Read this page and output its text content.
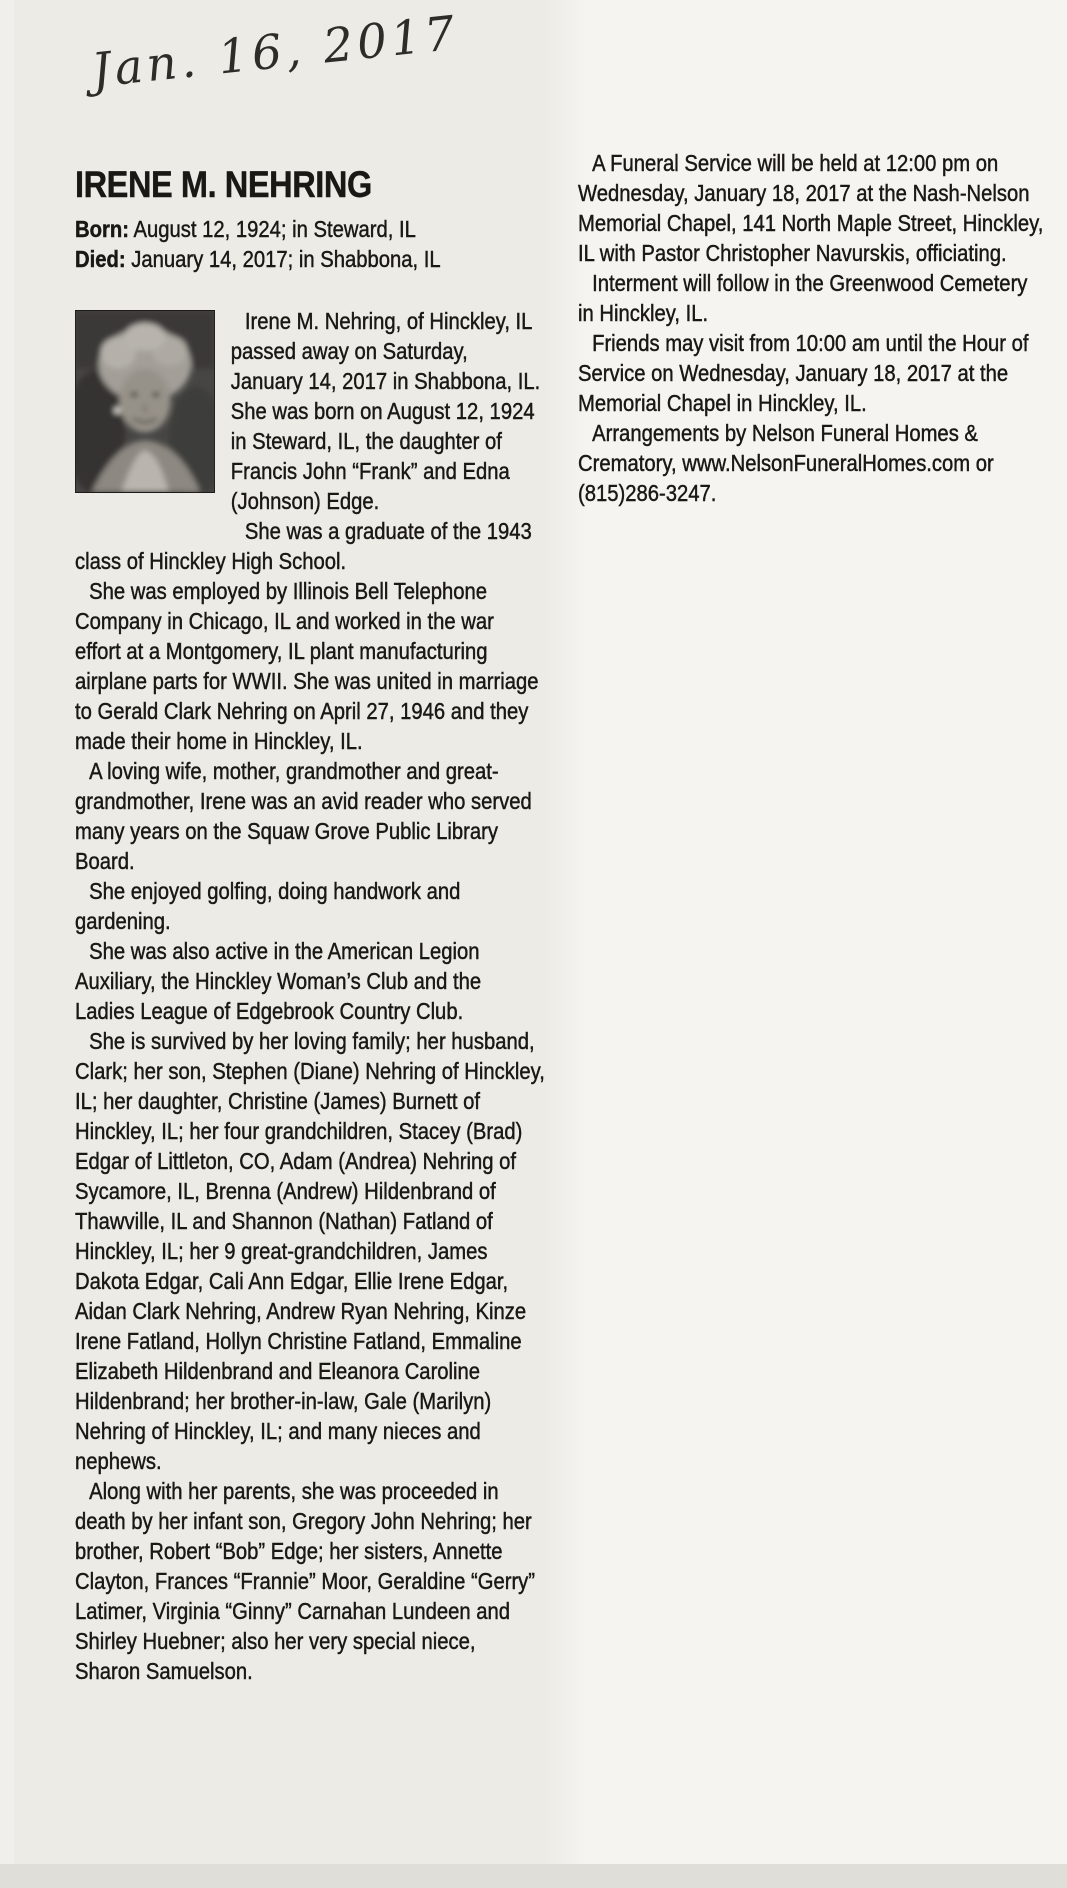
Jan. 16, 2017
IRENE M. NEHRING
Born: August 12, 1924; in Steward, IL
Died: January 14, 2017; in Shabbona, IL

Irene M. Nehring, of Hinckley, IL passed away on Saturday, January 14, 2017 in Shabbona, IL. She was born on August 12, 1924 in Steward, IL, the daughter of Francis John “Frank” and Edna (Johnson) Edge.

She was a graduate of the 1943 class of Hinckley High School.

She was employed by Illinois Bell Telephone Company in Chicago, IL and worked in the war effort at a Montgomery, IL plant manufacturing airplane parts for WWII. She was united in marriage to Gerald Clark Nehring on April 27, 1946 and they made their home in Hinckley, IL.

A loving wife, mother, grandmother and great-grandmother, Irene was an avid reader who served many years on the Squaw Grove Public Library Board.

She enjoyed golfing, doing handwork and gardening.

She was also active in the American Legion Auxiliary, the Hinckley Woman’s Club and the Ladies League of Edgebrook Country Club.

She is survived by her loving family; her husband, Clark; her son, Stephen (Diane) Nehring of Hinckley, IL; her daughter, Christine (James) Burnett of Hinckley, IL; her four grandchildren, Stacey (Brad) Edgar of Littleton, CO, Adam (Andrea) Nehring of Sycamore, IL, Brenna (Andrew) Hildenbrand of Thawville, IL and Shannon (Nathan) Fatland of Hinckley, IL; her 9 great-grandchildren, James Dakota Edgar, Cali Ann Edgar, Ellie Irene Edgar, Aidan Clark Nehring, Andrew Ryan Nehring, Kinze Irene Fatland, Hollyn Christine Fatland, Emmaline Elizabeth Hildenbrand and Eleanora Caroline Hildenbrand; her brother-in-law, Gale (Marilyn) Nehring of Hinckley, IL; and many nieces and nephews.

Along with her parents, she was proceeded in death by her infant son, Gregory John Nehring; her brother, Robert “Bob” Edge; her sisters, Annette Clayton, Frances “Frannie” Moor, Geraldine “Gerry” Latimer, Virginia “Ginny” Carnahan Lundeen and Shirley Huebner; also her very special niece, Sharon Samuelson.

A Funeral Service will be held at 12:00 pm on Wednesday, January 18, 2017 at the Nash-Nelson Memorial Chapel, 141 North Maple Street, Hinckley, IL with Pastor Christopher Navurskis, officiating.

Interment will follow in the Greenwood Cemetery in Hinckley, IL.

Friends may visit from 10:00 am until the Hour of Service on Wednesday, January 18, 2017 at the Memorial Chapel in Hinckley, IL.

Arrangements by Nelson Funeral Homes & Crematory, www.NelsonFuneralHomes.com or (815)286-3247.
